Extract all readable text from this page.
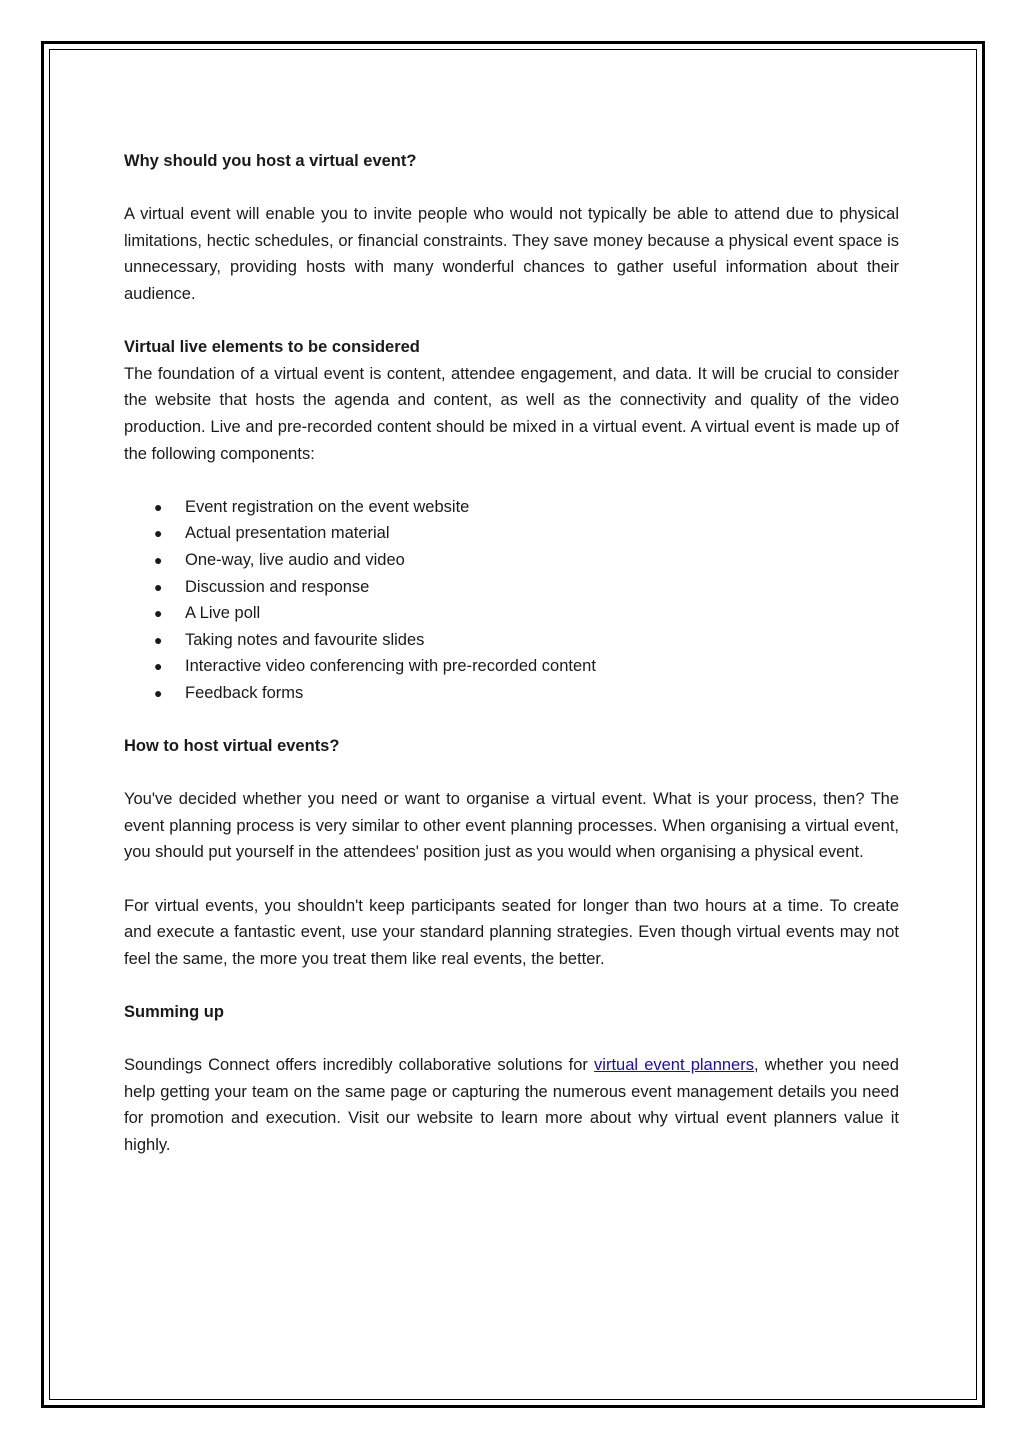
Why should you host a virtual event?

A virtual event will enable you to invite people who would not typically be able to attend due to physical limitations, hectic schedules, or financial constraints. They save money because a physical event space is unnecessary, providing hosts with many wonderful chances to gather useful information about their audience.

Virtual live elements to be considered

The foundation of a virtual event is content, attendee engagement, and data. It will be crucial to consider the website that hosts the agenda and content, as well as the connectivity and quality of the video production. Live and pre-recorded content should be mixed in a virtual event. A virtual event is made up of the following components:

● Event registration on the event website
● Actual presentation material
● One-way, live audio and video
● Discussion and response
● A Live poll
● Taking notes and favourite slides
● Interactive video conferencing with pre-recorded content
● Feedback forms

How to host virtual events?

You've decided whether you need or want to organise a virtual event. What is your process, then? The event planning process is very similar to other event planning processes. When organising a virtual event, you should put yourself in the attendees' position just as you would when organising a physical event.

For virtual events, you shouldn't keep participants seated for longer than two hours at a time. To create and execute a fantastic event, use your standard planning strategies. Even though virtual events may not feel the same, the more you treat them like real events, the better.

Summing up

Soundings Connect offers incredibly collaborative solutions for virtual event planners, whether you need help getting your team on the same page or capturing the numerous event management details you need for promotion and execution. Visit our website to learn more about why virtual event planners value it highly.
